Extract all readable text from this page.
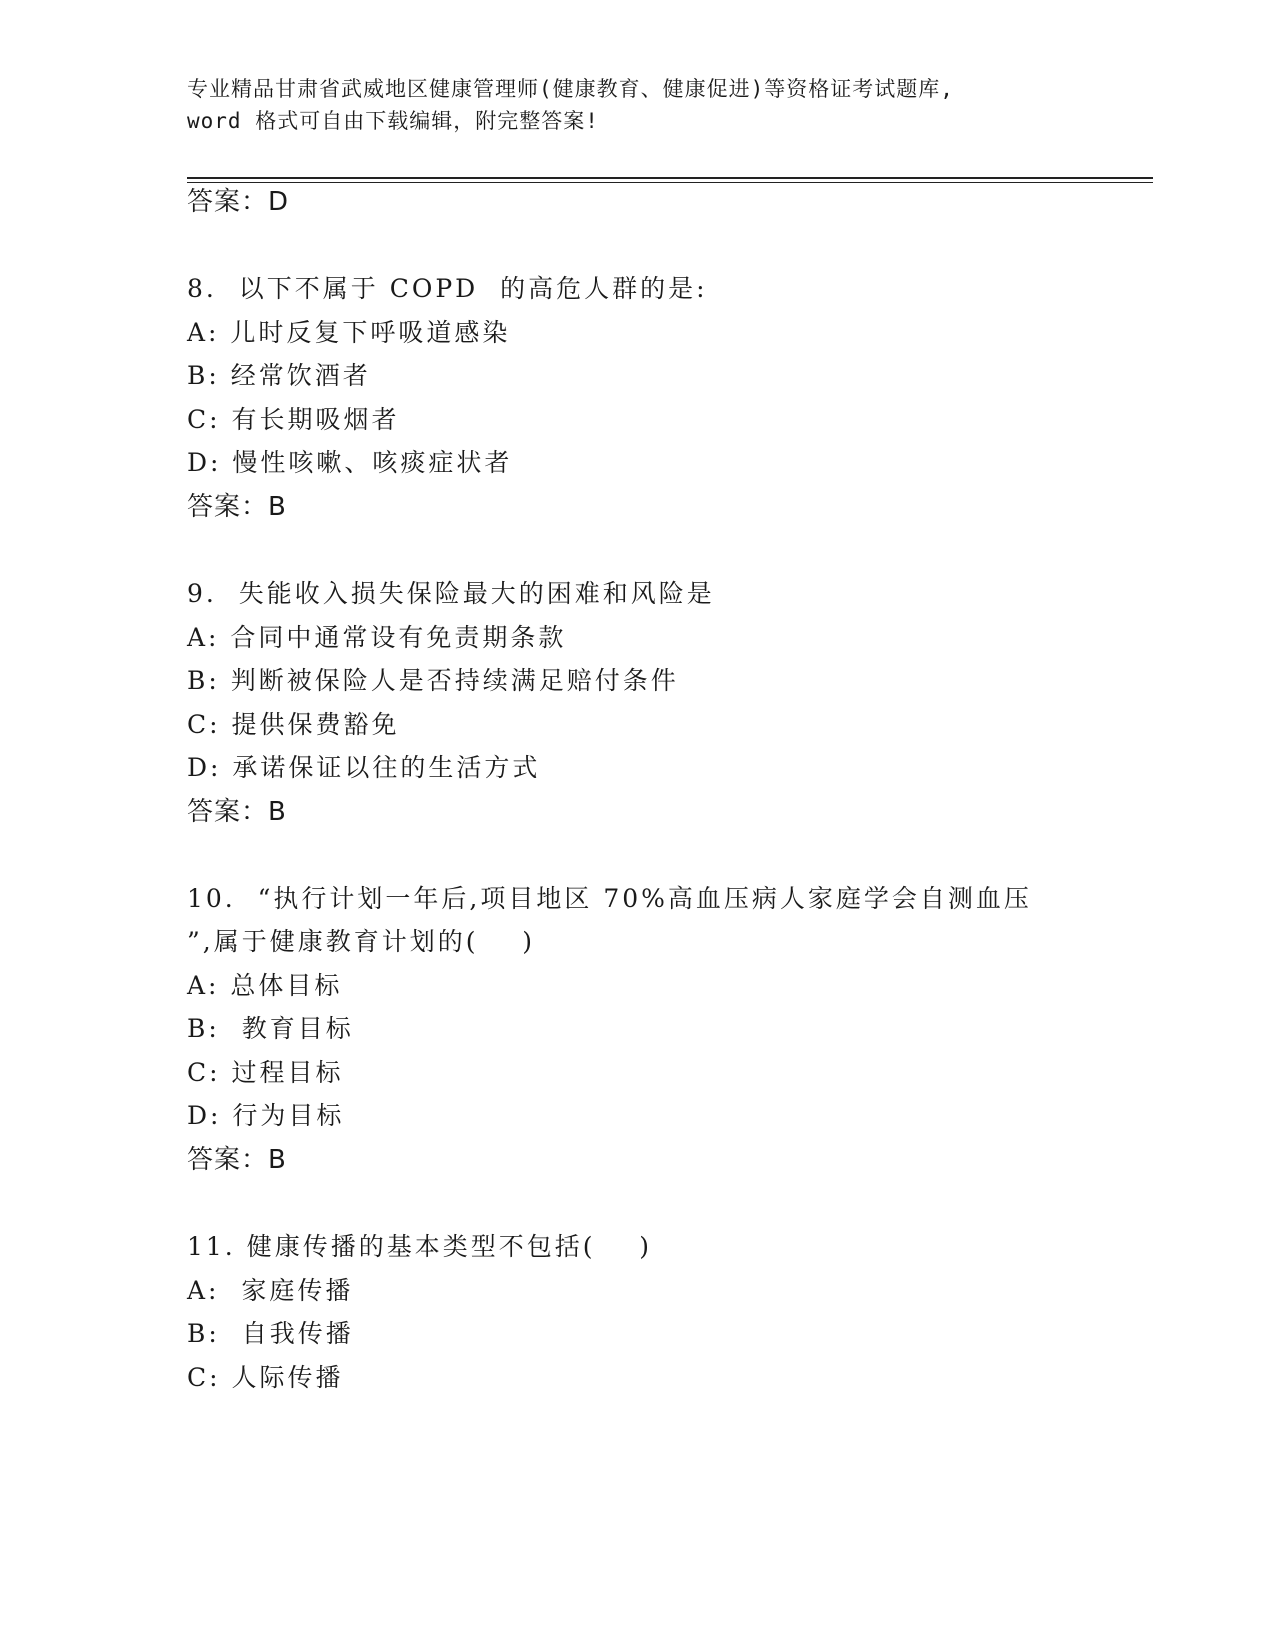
专业精品甘肃省武威地区健康管理师(健康教育、健康促进)等资格证考试题库,
word 格式可自由下载编辑，附完整答案!
答案：D
8.  以下不属于 COPD  的高危人群的是:
A: 儿时反复下呼吸道感染
B: 经常饮酒者
C: 有长期吸烟者
D: 慢性咳嗽、咳痰症状者
答案：B
9.  失能收入损失保险最大的困难和风险是
A: 合同中通常设有免责期条款
B: 判断被保险人是否持续满足赔付条件
C: 提供保费豁免
D: 承诺保证以往的生活方式
答案：B
10.  “执行计划一年后,项目地区 70%高血压病人家庭学会自测血压
”,属于健康教育计划的(    )
A: 总体目标
B:  教育目标
C: 过程目标
D: 行为目标
答案：B
11. 健康传播的基本类型不包括(    )
A:  家庭传播
B:  自我传播
C: 人际传播
